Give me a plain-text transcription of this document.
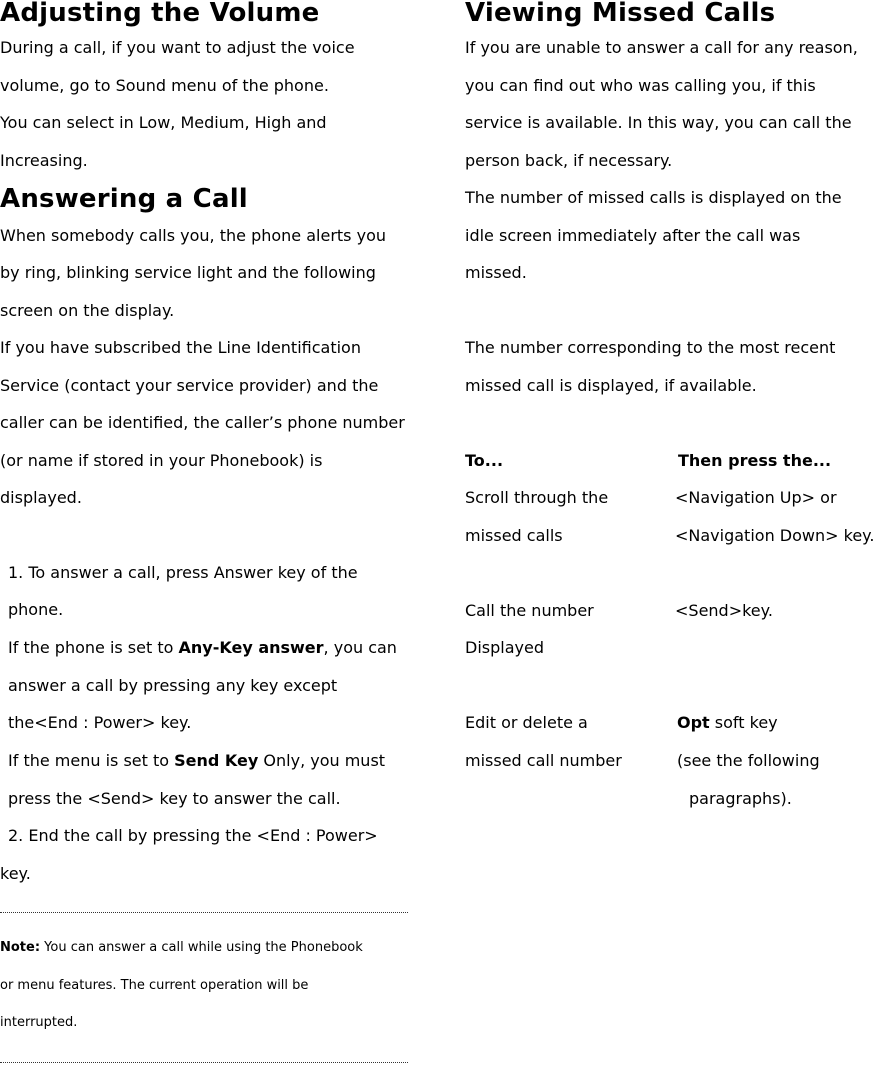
Adjusting the Volume
During a call, if you want to adjust the voice
volume, go to Sound menu of the phone.
You can select in Low, Medium, High and
Increasing.
Answering a Call
When somebody calls you, the phone alerts you
by ring, blinking service light and the following
screen on the display.
If you have subscribed the Line Identification
Service (contact your service provider) and the
caller can be identified, the caller’s phone number
(or name if stored in your Phonebook) is
displayed.
1. To answer a call, press Answer key of the
phone.
If the phone is set to Any-Key answer, you can
answer a call by pressing any key except
the<End : Power> key.
If the menu is set to Send Key Only, you must
press the <Send> key to answer the call.
2. End the call by pressing the <End : Power>
key.
Note: You can answer a call while using the Phonebook
or menu features. The current operation will be
interrupted.
Viewing Missed Calls
If you are unable to answer a call for any reason,
you can find out who was calling you, if this
service is available. In this way, you can call the
person back, if necessary.
The number of missed calls is displayed on the
idle screen immediately after the call was
missed.
The number corresponding to the most recent
missed call is displayed, if available.
To...	Then press the...
Scroll through the	<Navigation Up> or
missed calls	<Navigation Down> key.
Call the number	<Send>key.
Displayed
Edit or delete a	Opt soft key
missed call number	(see the following
paragraphs).
